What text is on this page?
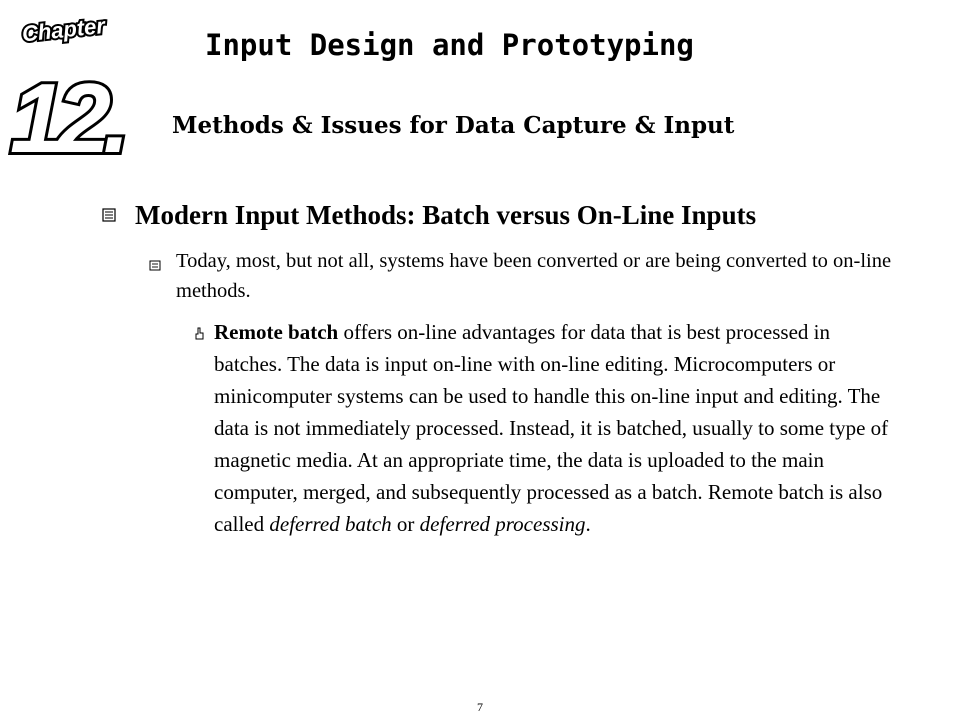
Chapter
12.
Input Design and Prototyping
Methods & Issues for Data Capture & Input
Modern Input Methods: Batch versus On-Line Inputs
Today, most, but not all, systems have been converted or are being converted to on-line methods.
Remote batch offers on-line advantages for data that is best processed in batches. The data is input on-line with on-line editing. Microcomputers or minicomputer systems can be used to handle this on-line input and editing. The data is not immediately processed. Instead, it is batched, usually to some type of magnetic media. At an appropriate time, the data is uploaded to the main computer, merged, and subsequently processed as a batch. Remote batch is also called deferred batch or deferred processing.
7
